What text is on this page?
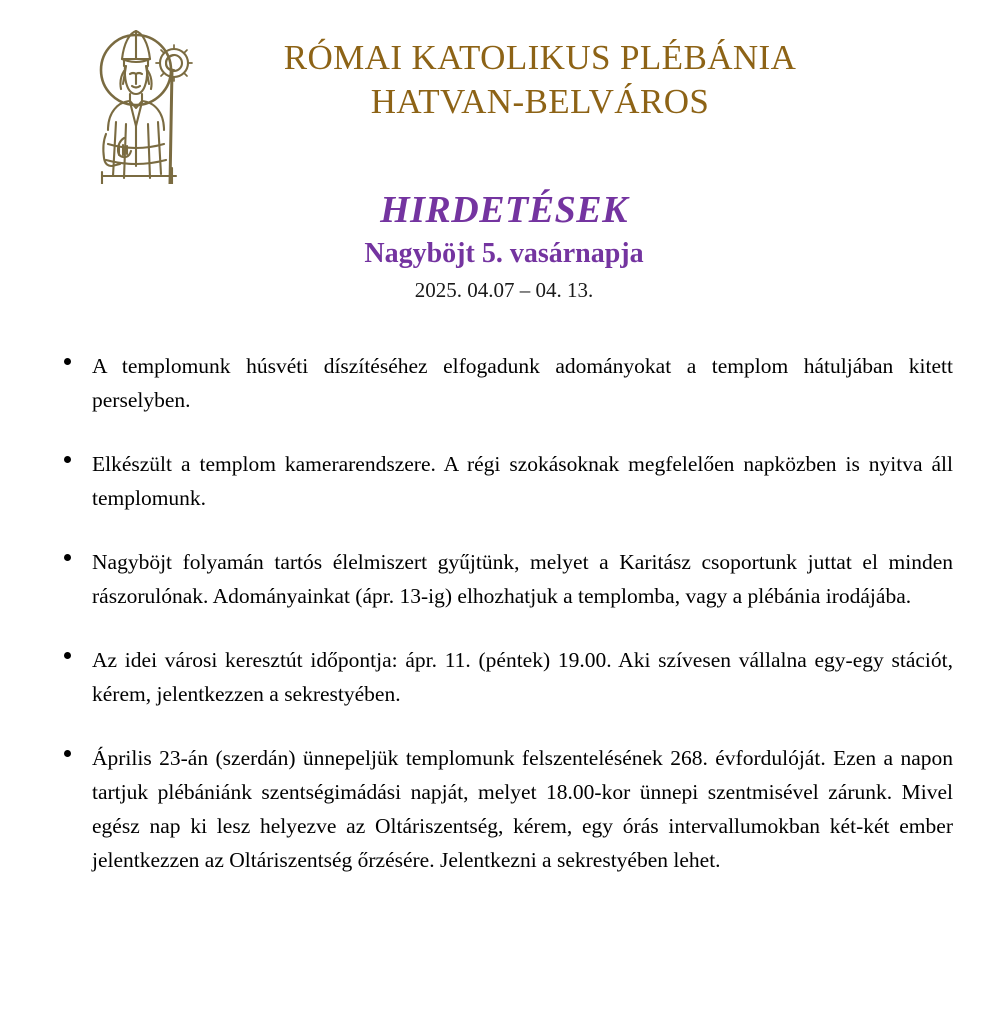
RÓMAI KATOLIKUS PLÉBÁNIA
HATVAN-BELVÁROS
HIRDETÉSEK
Nagyböjt 5. vasárnapja
2025. 04.07 – 04. 13.
A templomunk húsvéti díszítéséhez elfogadunk adományokat a templom hátuljában kitett perselyben.
Elkészült a templom kamerarendszere. A régi szokásoknak megfelelően napközben is nyitva áll templomunk.
Nagyböjt folyamán tartós élelmiszert gyűjtünk, melyet a Karitász csoportunk juttat el minden rászorulónak. Adományainkat (ápr. 13-ig) elhozhatjuk a templomba, vagy a plébánia irodájába.
Az idei városi keresztút időpontja: ápr. 11. (péntek) 19.00. Aki szívesen vállalna egy-egy stációt, kérem, jelentkezzen a sekrestyében.
Április 23-án (szerdán) ünnepeljük templomunk felszentelésének 268. évfordulóját. Ezen a napon tartjuk plébániánk szentségimádási napját, melyet 18.00-kor ünnepi szentmisével zárunk. Mivel egész nap ki lesz helyezve az Oltáriszentség, kérem, egy órás intervallumokban két-két ember jelentkezzen az Oltáriszentség őrzésére. Jelentkezni a sekrestyében lehet.
